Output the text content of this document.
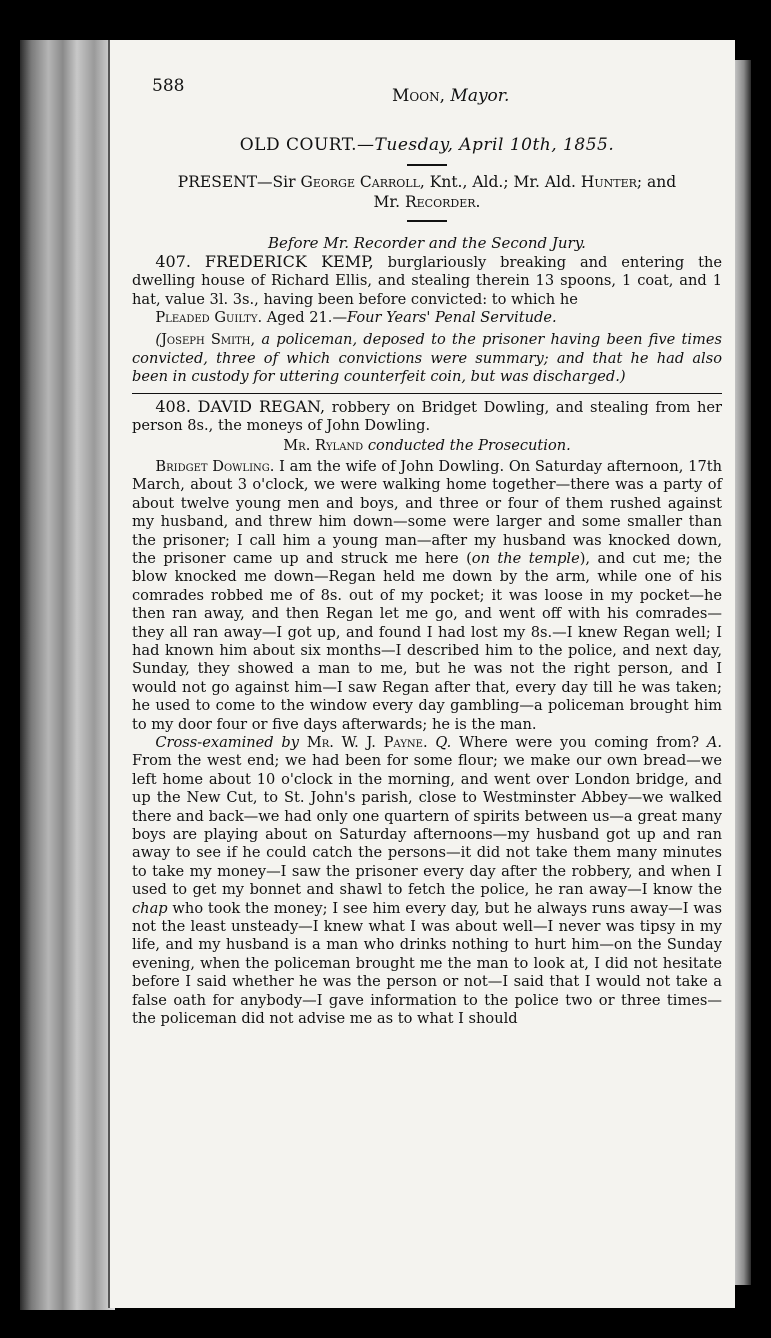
588	Moon, Mayor.
OLD COURT.—Tuesday, April 10th, 1855.
PRESENT—Sir George Carroll, Knt., Ald.; Mr. Ald. Hunter; and
Mr. Recorder.
Before Mr. Recorder and the Second Jury.

407. FREDERICK KEMP, burglariously breaking and entering the dwelling house of Richard Ellis, and stealing therein 13 spoons, 1 coat, and 1 hat, value 3l. 3s., having been before convicted: to which he

Pleaded Guilty. Aged 21.—Four Years' Penal Servitude.

(Joseph Smith, a policeman, deposed to the prisoner having been five times convicted, three of which convictions were summary; and that he had also been in custody for uttering counterfeit coin, but was discharged.)

408. DAVID REGAN, robbery on Bridget Dowling, and stealing from her person 8s., the moneys of John Dowling.

Mr. Ryland conducted the Prosecution.

Bridget Dowling. I am the wife of John Dowling. On Saturday afternoon, 17th March, about 3 o'clock, we were walking home together—there was a party of about twelve young men and boys, and three or four of them rushed against my husband, and threw him down—some were larger and some smaller than the prisoner; I call him a young man—after my husband was knocked down, the prisoner came up and struck me here (on the temple), and cut me; the blow knocked me down—Regan held me down by the arm, while one of his comrades robbed me of 8s. out of my pocket; it was loose in my pocket—he then ran away, and then Regan let me go, and went off with his comrades—they all ran away—I got up, and found I had lost my 8s.—I knew Regan well; I had known him about six months—I described him to the police, and next day, Sunday, they showed a man to me, but he was not the right person, and I would not go against him—I saw Regan after that, every day till he was taken; he used to come to the window every day gambling—a policeman brought him to my door four or five days afterwards; he is the man.

Cross-examined by Mr. W. J. Payne. Q. Where were you coming from? A. From the west end; we had been for some flour; we make our own bread—we left home about 10 o'clock in the morning, and went over London bridge, and up the New Cut, to St. John's parish, close to Westminster Abbey—we walked there and back—we had only one quartern of spirits between us—a great many boys are playing about on Saturday afternoons—my husband got up and ran away to see if he could catch the persons—it did not take them many minutes to take my money—I saw the prisoner every day after the robbery, and when I used to get my bonnet and shawl to fetch the police, he ran away—I know the chap who took the money; I see him every day, but he always runs away—I was not the least unsteady—I knew what I was about well—I never was tipsy in my life, and my husband is a man who drinks nothing to hurt him—on the Sunday evening, when the policeman brought me the man to look at, I did not hesitate before I said whether he was the person or not—I said that I would not take a false oath for anybody—I gave information to the police two or three times—the policeman did not advise me as to what I should
